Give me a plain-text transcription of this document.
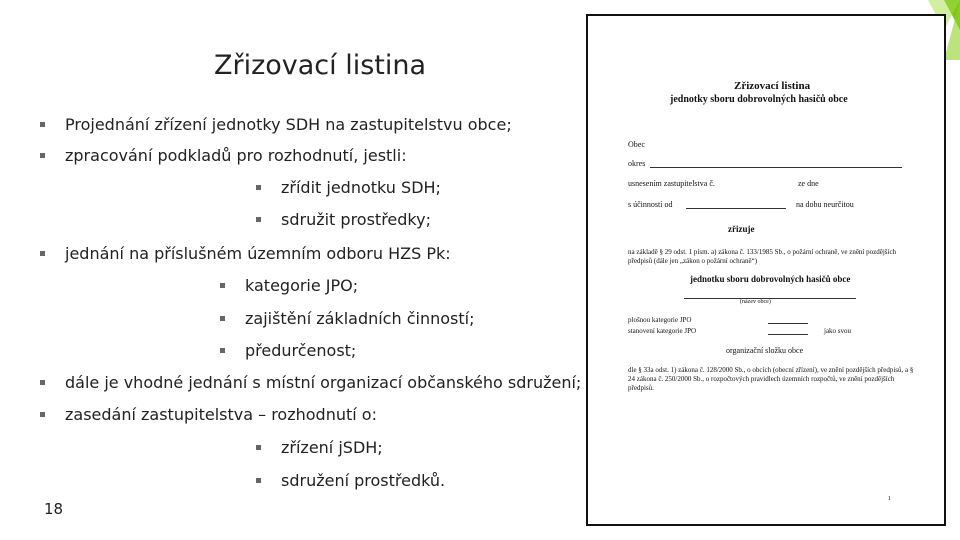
Zřizovací listina
Projednání zřízení jednotky SDH na zastupitelstvu obce;
zpracování podkladů pro rozhodnutí, jestli:
zřídit jednotku SDH;
sdružit prostředky;
jednání na příslušném územním odboru HZS Pk:
kategorie JPO;
zajištění základních činností;
předurčenost;
dále je vhodné jednání s místní organizací občanského sdružení;
zasedání zastupitelstva – rozhodnutí o:
zřízení jSDH;
sdružení prostředků.
18
Zřizovací listina
jednotky sboru dobrovolných hasičů obce
Obec
okres
usnesením zastupitelstva č.	ze dne
s účinností od	na dobu neurčitou
zřizuje
na základě § 29 odst. 1 písm. a) zákona č. 133/1985 Sb., o požární ochraně, ve znění pozdějších předpisů (dále jen „zákon o požární ochraně“)
jednotku sboru dobrovolných hasičů obce
(název obce)
plošnou kategorie JPO
stanovení kategorie JPO	jako svou
organizační složku obce
dle § 33a odst. 1) zákona č. 128/2000 Sb., o obcích (obecní zřízení), ve znění pozdějších předpisů, a § 24 zákona č. 250/2000 Sb., o rozpočtových pravidlech územních rozpočtů, ve znění pozdějších předpisů.
1
